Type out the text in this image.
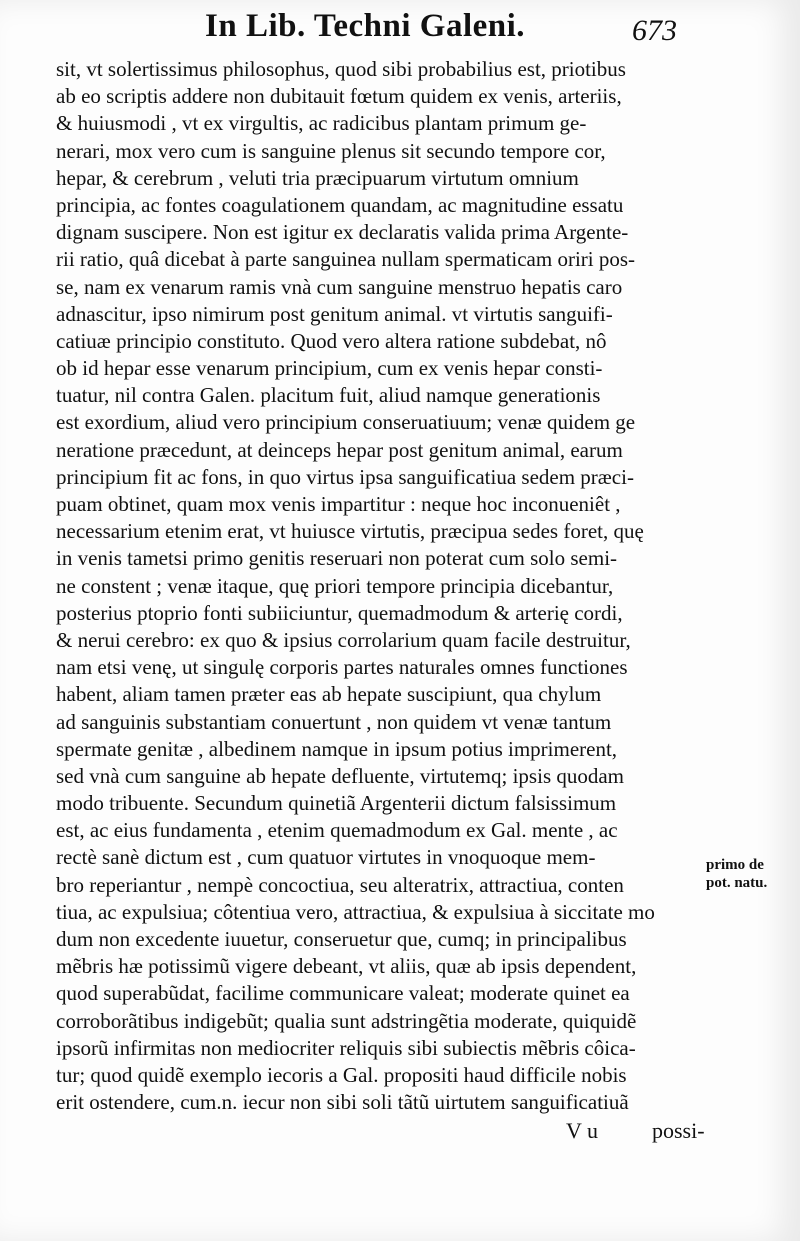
In Lib. Techni Galeni.	673
sit, vt solertissimus philosophus, quod sibi probabilius est, priotibus
ab eo scriptis addere non dubitauit fœtum quidem ex venis, arteriis,
& huiusmodi , vt ex virgultis, ac radicibus plantam primum ge-
nerari, mox vero cum is sanguine plenus sit secundo tempore cor,
hepar, & cerebrum , veluti tria præcipuarum virtutum omnium
principia, ac fontes coagulationem quandam, ac magnitudine essatu
dignam suscipere. Non est igitur ex declaratis valida prima Argente-
rii ratio, quâ dicebat à parte sanguinea nullam spermaticam oriri pos-
se, nam ex venarum ramis vnà cum sanguine menstruo hepatis caro
adnascitur, ipso nimirum post genitum animal. vt virtutis sanguifi-
catiuæ principio constituto. Quod vero altera ratione subdebat, nô
ob id hepar esse venarum principium, cum ex venis hepar consti-
tuatur, nil contra Galen. placitum fuit, aliud namque generationis
est exordium, aliud vero principium conseruatiuum; venæ quidem ge
neratione præcedunt, at deinceps hepar post genitum animal, earum
principium fit ac fons, in quo virtus ipsa sanguificatiua sedem præci-
puam obtinet, quam mox venis impartitur : neque hoc inconueniêt ,
necessarium etenim erat, vt huiusce virtutis, præcipua sedes foret, quę
in venis tametsi primo genitis reseruari non poterat cum solo semi-
ne constent ; venæ itaque, quę priori tempore principia dicebantur,
posterius ptoprio fonti subiiciuntur, quemadmodum & arterię cordi,
& nerui cerebro: ex quo & ipsius corrolarium quam facile destruitur,
nam etsi venę, ut singulę corporis partes naturales omnes functiones
habent, aliam tamen præter eas ab hepate suscipiunt, qua chylum
ad sanguinis substantiam conuertunt , non quidem vt venæ tantum
spermate genitæ , albedinem namque in ipsum potius imprimerent,
sed vnà cum sanguine ab hepate defluente, virtutemq; ipsis quodam
modo tribuente. Secundum quinetiã Argenterii dictum falsissimum
est, ac eius fundamenta , etenim quemadmodum ex Gal. mente , ac
rectè sanè dictum est , cum quatuor virtutes in vnoquoque mem-
bro reperiantur , nempè concoctiua, seu alteratrix, attractiua, conten
tiua, ac expulsiua; côtentiua vero, attractiua, & expulsiua à siccitate mo
dum non excedente iuuetur, conseruetur que, cumq; in principalibus
mẽbris hæ potissimũ vigere debeant, vt aliis, quæ ab ipsis dependent,
quod superabũdat, facilime communicare valeat; moderate quinet ea
corroborãtibus indigebũt; qualia sunt adstringẽtia moderate, quiquidẽ
ipsorũ infirmitas non mediocriter reliquis sibi subiectis mẽbris côica-
tur; quod quidẽ exemplo iecoris a Gal. propositi haud difficile nobis
erit ostendere, cum.n. iecur non sibi soli tãtũ uirtutem sanguificatiuã
primo de
pot. natu.
V u possi-
